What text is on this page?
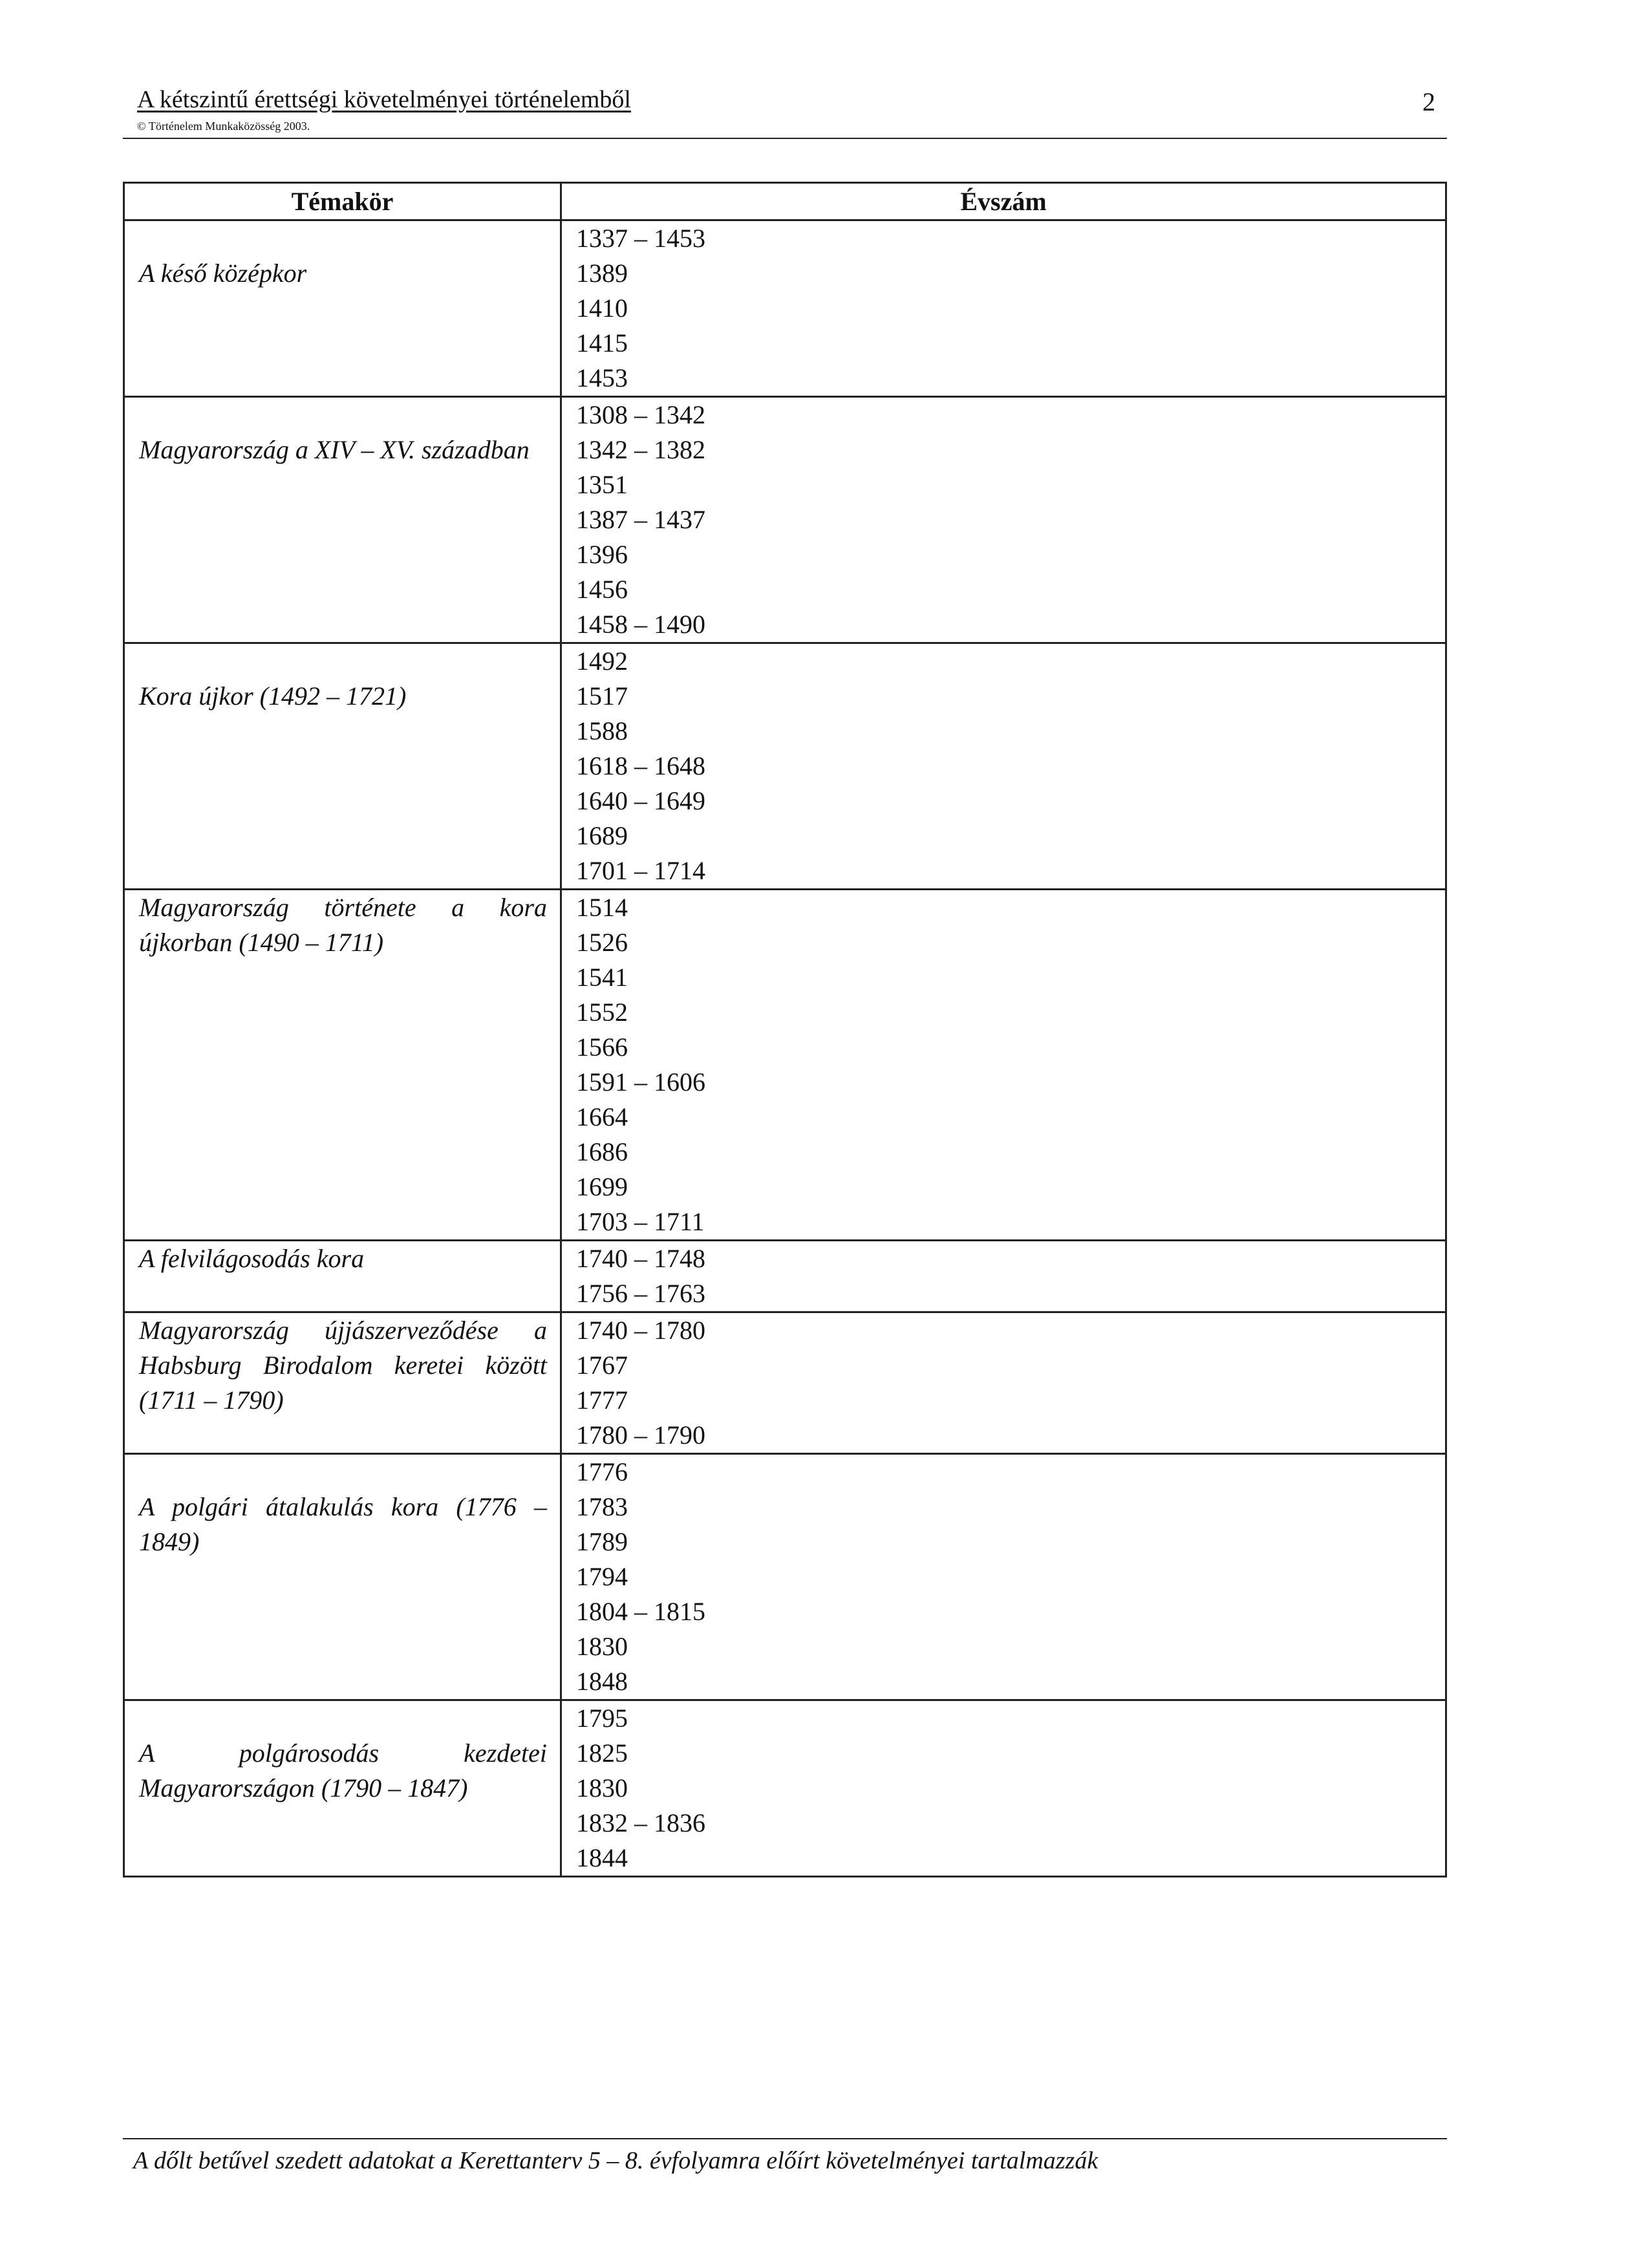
A kétszintű érettségi követelményei történelemből
© Történelem Munkaközösség 2003.
2
Témakör	Évszám
A késő középkor
1337 – 1453
1389
1410
1415
1453
Magyarország a XIV – XV. században
1308 – 1342
1342 – 1382
1351
1387 – 1437
1396
1456
1458 – 1490
Kora újkor (1492 – 1721)
1492
1517
1588
1618 – 1648
1640 – 1649
1689
1701 – 1714
Magyarország története a kora újkorban (1490 – 1711)
1514
1526
1541
1552
1566
1591 – 1606
1664
1686
1699
1703 – 1711
A felvilágosodás kora	1740 – 1748
1756 – 1763
Magyarország újjászerveződése a Habsburg Birodalom keretei között (1711 – 1790)
1740 – 1780
1767
1777
1780 – 1790
A polgári átalakulás kora (1776 – 1849)
1776
1783
1789
1794
1804 – 1815
1830
1848
A polgárosodás kezdetei Magyarországon (1790 – 1847)
1795
1825
1830
1832 – 1836
1844
A dőlt betűvel szedett adatokat a Kerettanterv 5 – 8. évfolyamra előírt követelményei tartalmazzák
